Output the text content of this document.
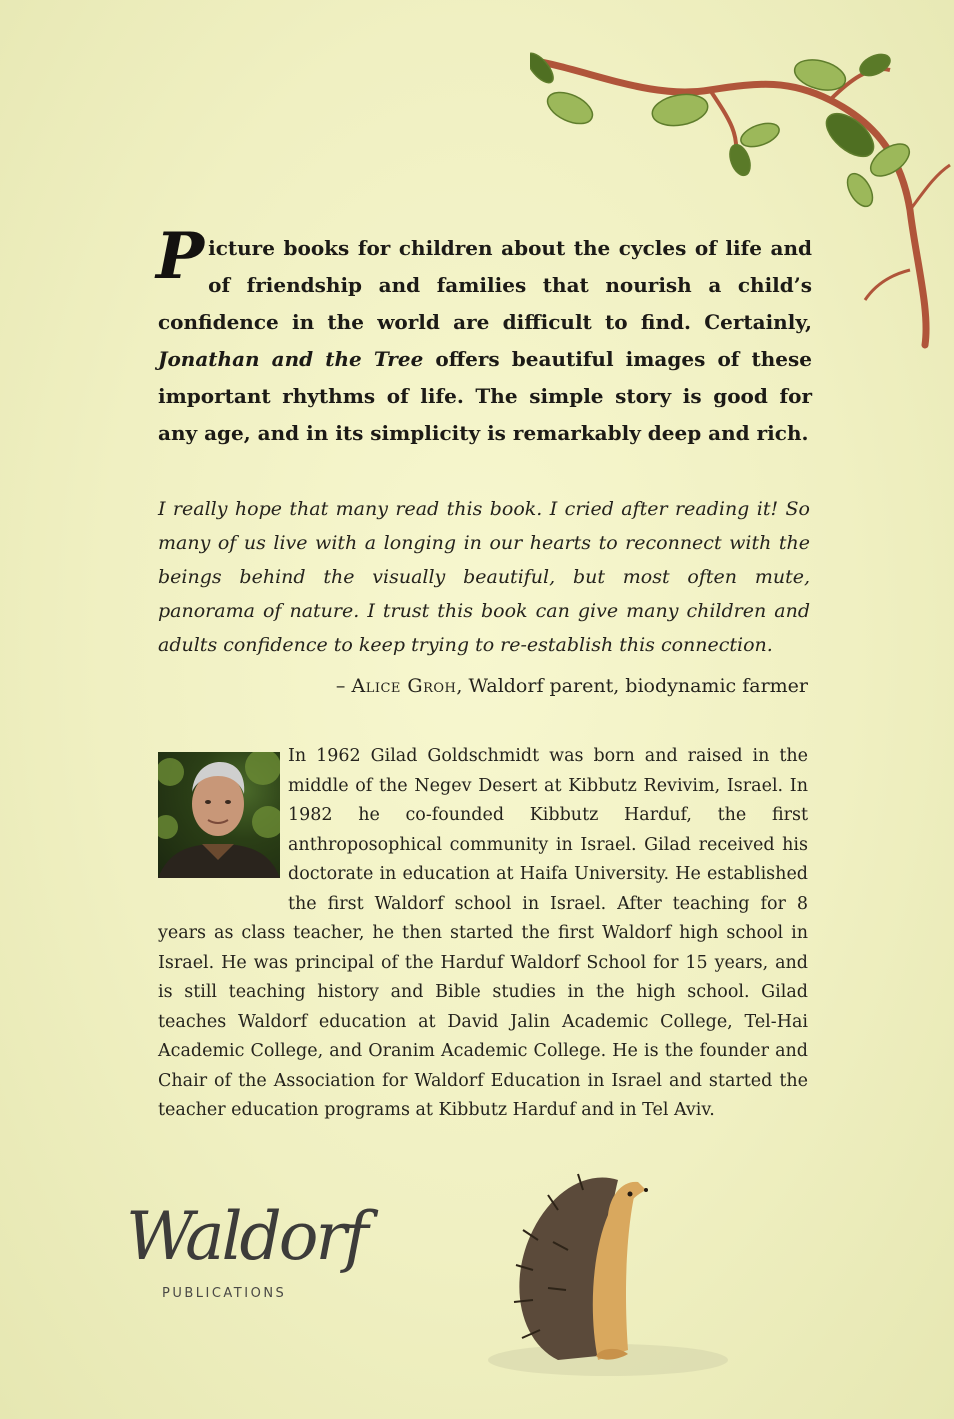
Picture books for children about the cycles of life and of friendship and families that nourish a child’s confidence in the world are difficult to find. Certainly, Jonathan and the Tree offers beautiful images of these important rhythms of life. The simple story is good for any age, and in its simplicity is remarkably deep and rich.

I really hope that many read this book. I cried after reading it! So many of us live with a longing in our hearts to reconnect with the beings behind the visually beautiful, but most often mute, panorama of nature. I trust this book can give many children and adults confidence to keep trying to re-establish this connection.

– Alice Groh, Waldorf parent, biodynamic farmer

In 1962 Gilad Goldschmidt was born and raised in the middle of the Negev Desert at Kibbutz Revivim, Israel. In 1982 he co-founded Kibbutz Harduf, the first anthroposophical community in Israel. Gilad received his doctorate in education at Haifa University. He established the first Waldorf school in Israel. After teaching for 8 years as class teacher, he then started the first Waldorf high school in Israel. He was principal of the Harduf Waldorf School for 15 years, and is still teaching history and Bible studies in the high school. Gilad teaches Waldorf education at David Jalin Academic College, Tel-Hai Academic College, and Oranim Academic College. He is the founder and Chair of the Association for Waldorf Education in Israel and started the teacher education programs at Kibbutz Harduf and in Tel Aviv.

Waldorf
PUBLICATIONS
